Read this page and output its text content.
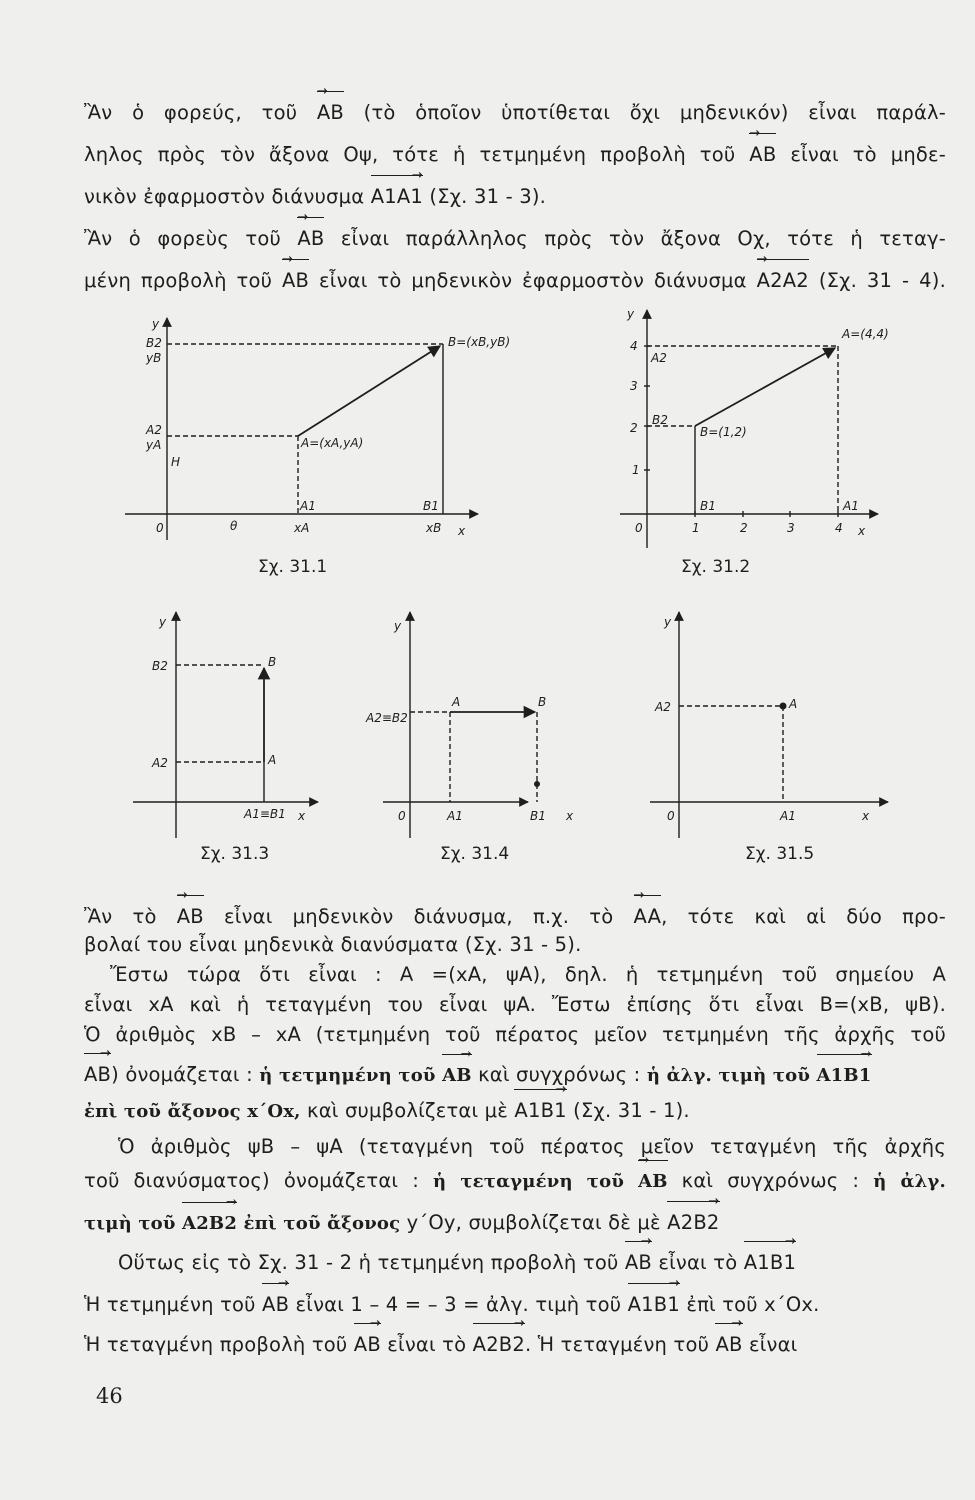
Ἂν ὁ φορεύς, τοῦ AB → (τὸ ὁποῖον ὑποτίθεται ὄχι μηδενικόν) εἶναι παράλ-
ληλος πρὸς τὸν ἄξονα Οψ, τότε ἡ τετμημένη προβολὴ τοῦ AB → εἶναι τὸ μηδε-
νικὸν ἐφαρμοστὸν διάνυσμα A1A1 → (Σχ. 31 - 3).
Ἂν ὁ φορεὺς τοῦ AB → εἶναι παράλληλος πρὸς τὸν ἄξονα Οχ, τότε ἡ τεταγ-
μένη προβολὴ τοῦ AB → εἶναι τὸ μηδενικὸν ἐφαρμοστὸν διάνυσμα A2A2 → (Σχ. 31 - 4).
y
B2
yB
A2
yA
H
B=(xB,yB)
A=(xA,yA)
0	θ
A1
xA
B1
xB x
y
4
A2
3
2
B2
1
A=(4,4)
B=(1,2)
0
B1	A1
1	2	3	4 x
y
B2	B
A2	A
A1≡B1 x
y
A2≡B2
A	B
0	A1	B1 x
y
A2	A
0	A1	x
Σχ. 31.1	Σχ. 31.2
Σχ. 31.3	Σχ. 31.4	Σχ. 31.5
Ἂν τὸ AB → εἶναι μηδενικὸν διάνυσμα, π.χ. τὸ AA →, τότε καὶ αἱ δύο προ-
βολαί του εἶναι μηδενικὰ διανύσματα (Σχ. 31 - 5).
Ἔστω τώρα ὅτι εἶναι : Α =(xA, ψA), δηλ. ἡ τετμημένη τοῦ σημείου Α
εἶναι xA καὶ ἡ τεταγμένη του εἶναι ψA. Ἔστω ἐπίσης ὅτι εἶναι Β=(xB, ψB).
Ὁ ἀριθμὸς xB – xA (τετμημένη τοῦ πέρατος μεῖον τετμημένη τῆς ἀρχῆς τοῦ
AB →) ὀνομάζεται : ἡ τετμημένη τοῦ AB → καὶ συγχρόνως : ἡ ἀλγ. τιμὴ τοῦ A1B1 →
ἐπὶ τοῦ ἄξονος x΄Οx, καὶ συμβολίζεται μὲ A1B1 → (Σχ. 31 - 1).
Ὁ ἀριθμὸς ψB – ψA (τεταγμένη τοῦ πέρατος μεῖον τεταγμένη τῆς ἀρχῆς
τοῦ διανύσματος) ὀνομάζεται : ἡ τεταγμένη τοῦ AB → καὶ συγχρόνως : ἡ ἀλγ.
τιμὴ τοῦ A2B2 → ἐπὶ τοῦ ἄξονος y΄Oy, συμβολίζεται δὲ μὲ A2B2 →
Οὕτως εἰς τὸ Σχ. 31 - 2 ἡ τετμημένη προβολὴ τοῦ AB → εἶναι τὸ A1B1 →
Ἡ τετμημένη τοῦ AB → εἶναι 1 – 4 = – 3 = ἀλγ. τιμὴ τοῦ A1B1 → ἐπὶ τοῦ x΄Ox.
Ἡ τεταγμένη προβολὴ τοῦ AB → εἶναι τὸ A2B2 →. Ἡ τεταγμένη τοῦ AB → εἶναι
46
